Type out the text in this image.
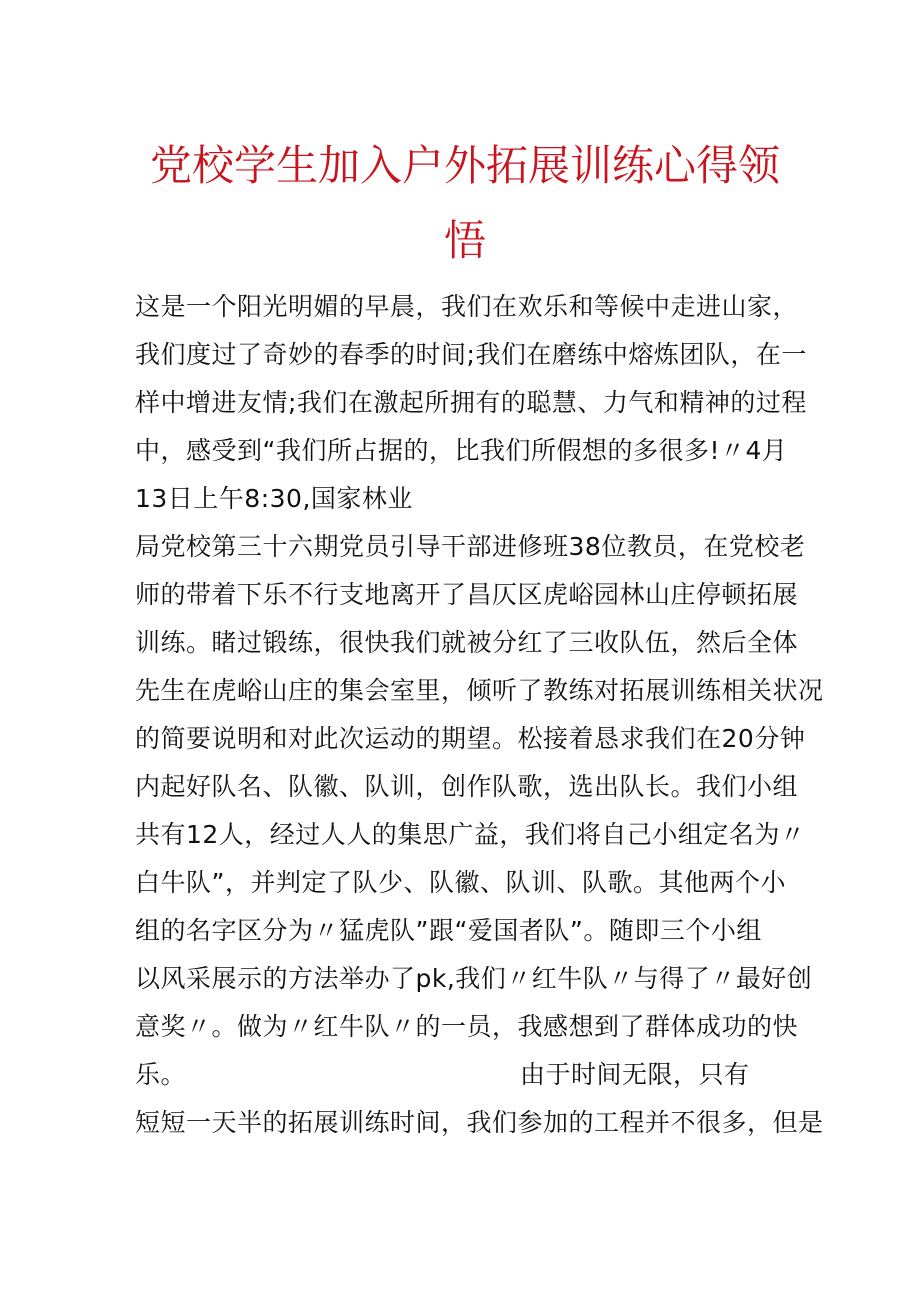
党校学生加入户外拓展训练心得领
悟
这是一个阳光明媚的早晨，我们在欢乐和等候中走进山家，
我们度过了奇妙的春季的时间;我们在磨练中熔炼团队，在一
样中增进友情;我们在激起所拥有的聪慧、力气和精神的过程
中，感受到“我们所占据的，比我们所假想的多很多!〃4月
13日上午8:30,国家林业
局党校第三十六期党员引导干部进修班38位教员，在党校老
师的带着下乐不行支地离开了昌仄区虎峪园林山庄停顿拓展
训练。睹过锻练，很快我们就被分红了三收队伍，然后全体
先生在虎峪山庄的集会室里，倾听了教练对拓展训练相关状况
的简要说明和对此次运动的期望。松接着恳求我们在20分钟
内起好队名、队徽、队训，创作队歌，选出队长。我们小组
共有12人，经过人人的集思广益，我们将自己小组定名为〃
白牛队”，并判定了队少、队徽、队训、队歌。其他两个小
组的名字区分为〃猛虎队”跟“爱国者队”。随即三个小组
以风采展示的方法举办了pk,我们〃红牛队〃与得了〃最好创
意奖〃。做为〃红牛队〃的一员，我感想到了群体成功的快
乐。	由于时间无限，只有
短短一天半的拓展训练时间，我们参加的工程并不很多，但是
